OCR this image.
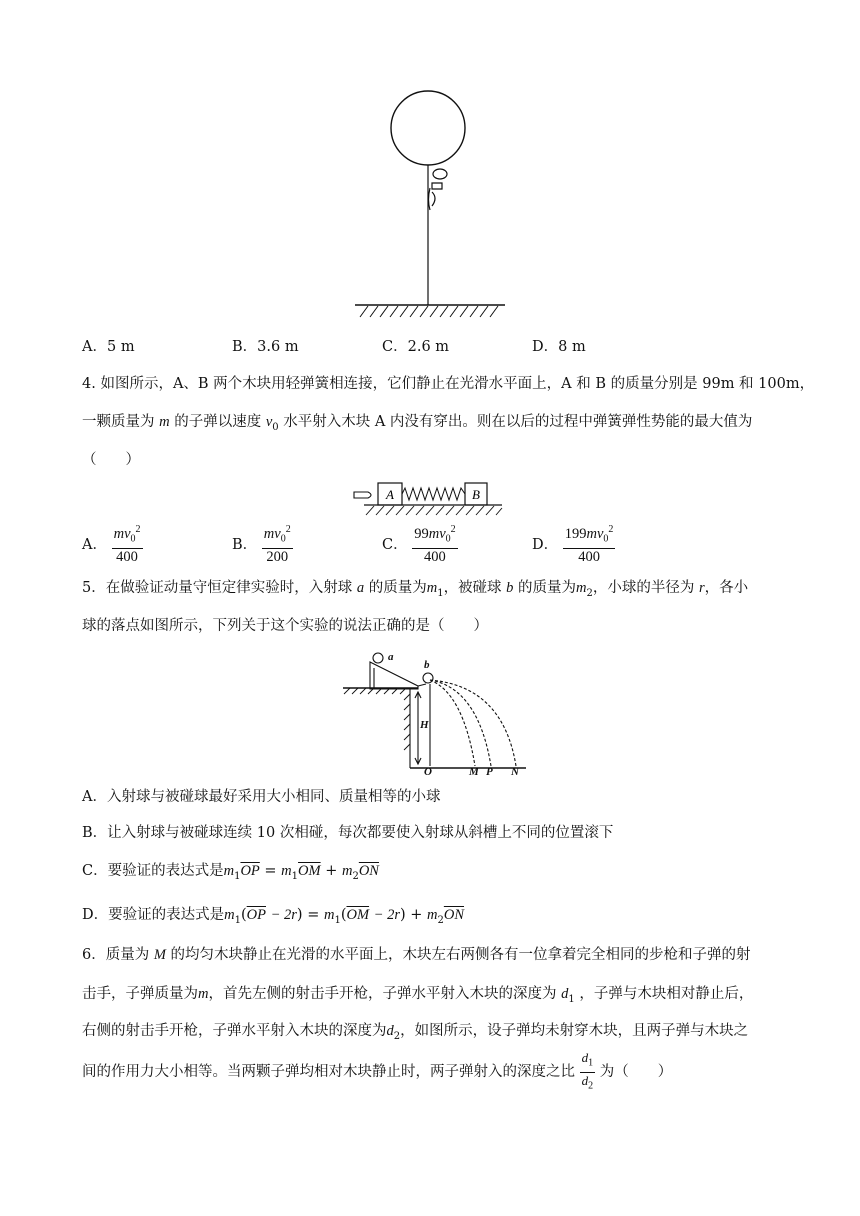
A．5 m	B．3.6 m	C．2.6 m	D．8 m
4. 如图所示，A、B 两个木块用轻弹簧相连接，它们静止在光滑水平面上，A 和 B 的质量分别是 99m 和 100m，
一颗质量为 m 的子弹以速度 $v_0$ 水平射入木块 A 内没有穿出。则在以后的过程中弹簧弹性势能的最大值为
（　　）
A	B
A． $\frac{mv_0^2}{400}$	B． $\frac{mv_0^2}{200}$	C． $\frac{99mv_0^2}{400}$	D． $\frac{199mv_0^2}{400}$
5．在做验证动量守恒定律实验时，入射球 a 的质量为$m_1$，被碰球 b 的质量为$m_2$，小球的半径为 r，各小
球的落点如图所示，下列关于这个实验的说法正确的是（　　）
a
b
H
O	M P N
A．入射球与被碰球最好采用大小相同、质量相等的小球
B．让入射球与被碰球连续 10 次相碰，每次都要使入射球从斜槽上不同的位置滚下
C．要验证的表达式是$m_1\overline{OP} = m_1\overline{OM} + m_2\overline{ON}$
D．要验证的表达式是$m_1(\overline{OP} - 2r) = m_1(\overline{OM} - 2r) + m_2\overline{ON}$
6．质量为 M 的均匀木块静止在光滑的水平面上，木块左右两侧各有一位拿着完全相同的步枪和子弹的射
击手，子弹质量为m，首先左侧的射击手开枪，子弹水平射入木块的深度为 $d_1$ ，子弹与木块相对静止后，
右侧的射击手开枪，子弹水平射入木块的深度为$d_2$，如图所示，设子弹均未射穿木块，且两子弹与木块之
间的作用力大小相等。当两颗子弹均相对木块静止时，两子弹射入的深度之比 $\frac{d_1}{d_2}$ 为（　　）
